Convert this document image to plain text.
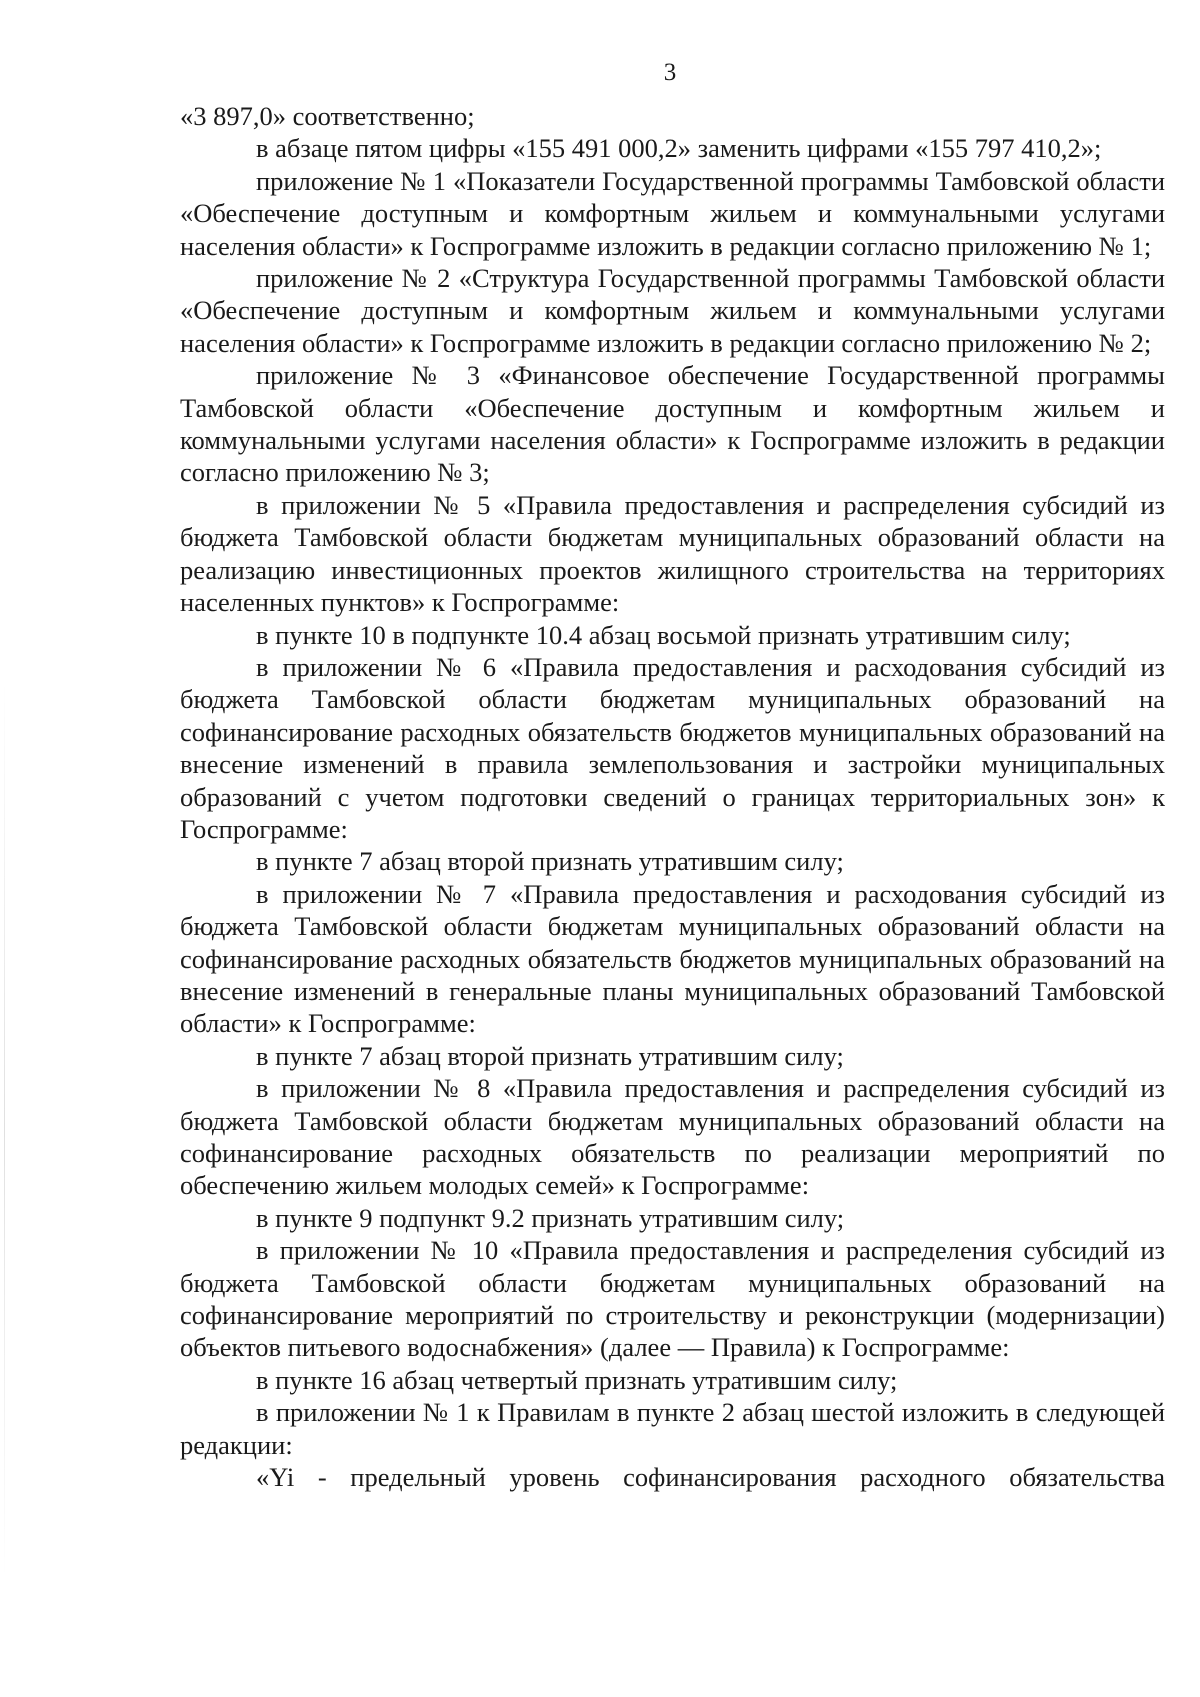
3

«3 897,0» соответственно;

в абзаце пятом цифры «155 491 000,2» заменить цифрами «155 797 410,2»;

приложение № 1 «Показатели Государственной программы Тамбовской области «Обеспечение доступным и комфортным жильем и коммунальными услугами населения области» к Госпрограмме изложить в редакции согласно приложению № 1;

приложение № 2 «Структура Государственной программы Тамбовской области «Обеспечение доступным и комфортным жильем и коммунальными услугами населения области» к Госпрограмме изложить в редакции согласно приложению № 2;

приложение № 3 «Финансовое обеспечение Государственной программы Тамбовской области «Обеспечение доступным и комфортным жильем и коммунальными услугами населения области» к Госпрограмме изложить в редакции согласно приложению № 3;

в приложении № 5 «Правила предоставления и распределения субсидий из бюджета Тамбовской области бюджетам муниципальных образований области на реализацию инвестиционных проектов жилищного строительства на территориях населенных пунктов» к Госпрограмме:

в пункте 10 в подпункте 10.4 абзац восьмой признать утратившим силу;

в приложении № 6 «Правила предоставления и расходования субсидий из бюджета Тамбовской области бюджетам муниципальных образований на софинансирование расходных обязательств бюджетов муниципальных образований на внесение изменений в правила землепользования и застройки муниципальных образований с учетом подготовки сведений о границах территориальных зон» к Госпрограмме:

в пункте 7 абзац второй признать утратившим силу;

в приложении № 7 «Правила предоставления и расходования субсидий из бюджета Тамбовской области бюджетам муниципальных образований области на софинансирование расходных обязательств бюджетов муниципальных образований на внесение изменений в генеральные планы муниципальных образований Тамбовской области» к Госпрограмме:

в пункте 7 абзац второй признать утратившим силу;

в приложении № 8 «Правила предоставления и распределения субсидий из бюджета Тамбовской области бюджетам муниципальных образований области на софинансирование расходных обязательств по реализации мероприятий по обеспечению жильем молодых семей» к Госпрограмме:

в пункте 9 подпункт 9.2 признать утратившим силу;

в приложении № 10 «Правила предоставления и распределения субсидий из бюджета Тамбовской области бюджетам муниципальных образований на софинансирование мероприятий по строительству и реконструкции (модернизации) объектов питьевого водоснабжения» (далее — Правила) к Госпрограмме:

в пункте 16 абзац четвертый признать утратившим силу;

в приложении № 1 к Правилам в пункте 2 абзац шестой изложить в следующей редакции:

«Yi - предельный уровень софинансирования расходного обязательства
